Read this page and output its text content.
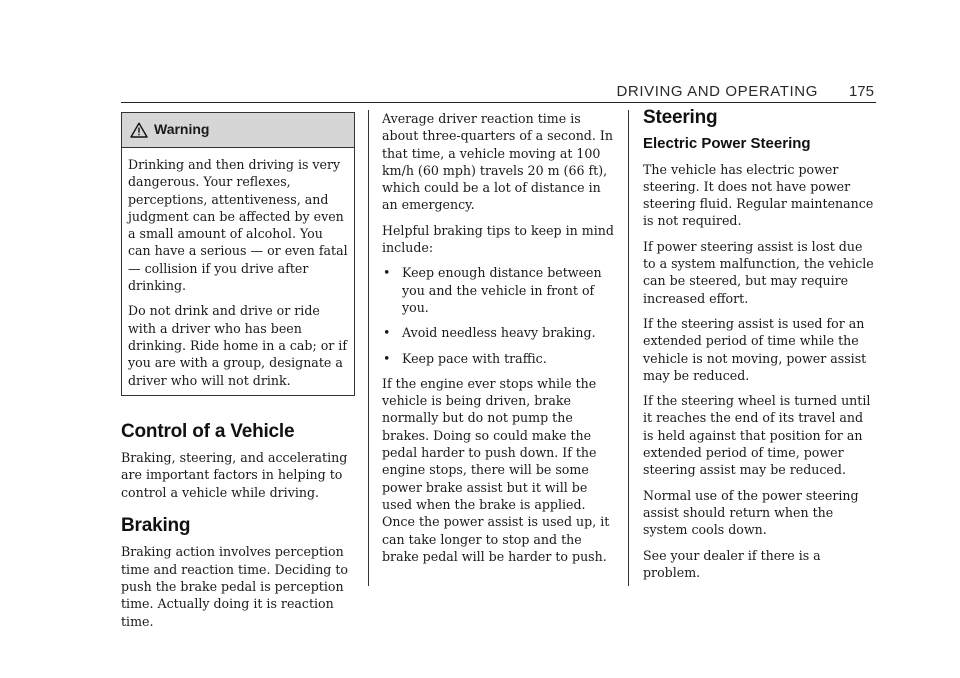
DRIVING AND OPERATING 175
Warning

Drinking and then driving is very dangerous. Your reflexes, perceptions, attentiveness, and judgment can be affected by even a small amount of alcohol. You can have a serious — or even fatal — collision if you drive after drinking.

Do not drink and drive or ride with a driver who has been drinking. Ride home in a cab; or if you are with a group, designate a driver who will not drink.

Control of a Vehicle

Braking, steering, and accelerating are important factors in helping to control a vehicle while driving.

Braking

Braking action involves perception time and reaction time. Deciding to push the brake pedal is perception time. Actually doing it is reaction time.

Average driver reaction time is about three-quarters of a second. In that time, a vehicle moving at 100 km/h (60 mph) travels 20 m (66 ft), which could be a lot of distance in an emergency.

Helpful braking tips to keep in mind include:

• Keep enough distance between you and the vehicle in front of you.
• Avoid needless heavy braking.
• Keep pace with traffic.

If the engine ever stops while the vehicle is being driven, brake normally but do not pump the brakes. Doing so could make the pedal harder to push down. If the engine stops, there will be some power brake assist but it will be used when the brake is applied. Once the power assist is used up, it can take longer to stop and the brake pedal will be harder to push.

Steering
Electric Power Steering

The vehicle has electric power steering. It does not have power steering fluid. Regular maintenance is not required.

If power steering assist is lost due to a system malfunction, the vehicle can be steered, but may require increased effort.

If the steering assist is used for an extended period of time while the vehicle is not moving, power assist may be reduced.

If the steering wheel is turned until it reaches the end of its travel and is held against that position for an extended period of time, power steering assist may be reduced.

Normal use of the power steering assist should return when the system cools down.

See your dealer if there is a problem.
